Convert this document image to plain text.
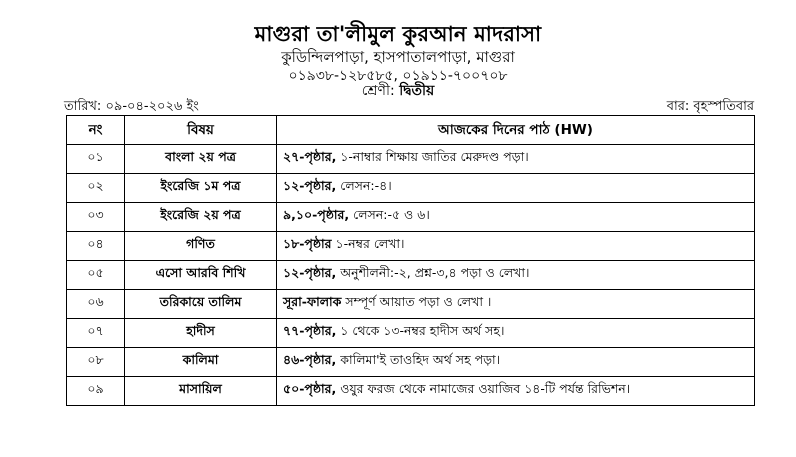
মাগুরা তা'লীমুল কুরআন মাদরাসা
কুডিন্দিলপাড়া, হাসপাতালপাড়া, মাগুরা
০১৯৩৮-১২৮৫৮৫, ০১৯১১-৭০০৭০৮
শ্রেণী: দ্বিতীয়
তারিখ: ০৯-০৪-২০২৬ ইং	বার: বৃহস্পতিবার
নং	বিষয়	আজকের দিনের পাঠ (HW)
০১	বাংলা ২য় পত্র	২৭-পৃষ্ঠার, ১-নাম্বার শিক্ষায় জাতির মেরুদণ্ড পড়া।
০২	ইংরেজি ১ম পত্র	১২-পৃষ্ঠার, লেসন:-৪।
০৩	ইংরেজি ২য় পত্র	৯,১০-পৃষ্ঠার, লেসন:-৫ ও ৬।
০৪	গণিত	১৮-পৃষ্ঠার ১-নম্বর লেখা।
০৫	এসো আরবি শিখি	১২-পৃষ্ঠার, অনুশীলনী:-২, প্রশ্ন-৩,৪ পড়া ও লেখা।
০৬	তরিকায়ে তালিম	সূরা-ফালাক সম্পূর্ণ আয়াত পড়া ও লেখা ।
০৭	হাদীস	৭৭-পৃষ্ঠার, ১ থেকে ১৩-নম্বর হাদীস অর্থ সহ।
০৮	কালিমা	৪৬-পৃষ্ঠার, কালিমা'ই তাওহিদ অর্থ সহ পড়া।
০৯	মাসায়িল	৫০-পৃষ্ঠার, ওযুর ফরজ থেকে নামাজের ওয়াজিব ১৪-টি পর্যন্ত রিভিশন।
